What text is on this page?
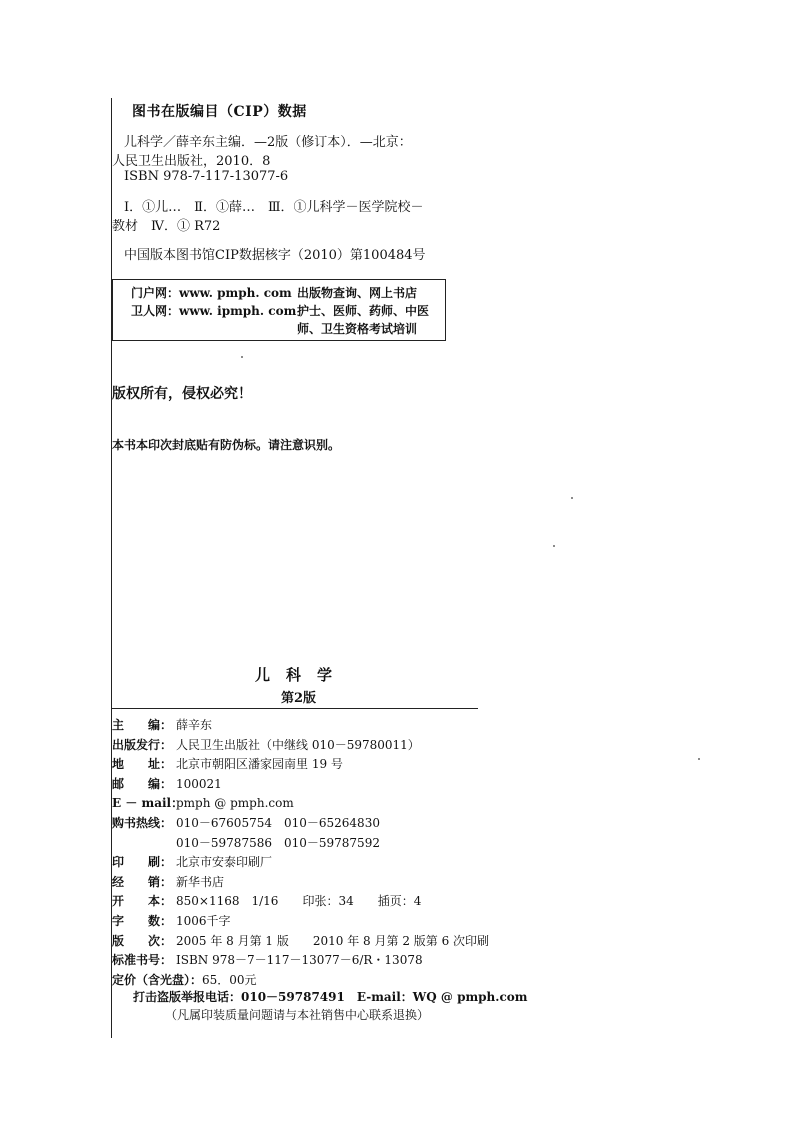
图书在版编目（CIP）数据
儿科学／薛辛东主编．—2版（修订本）．—北京：
人民卫生出版社，2010．8
ISBN 978-7-117-13077-6
Ⅰ．①儿…　Ⅱ．①薛…　Ⅲ．①儿科学－医学院校－
教材　Ⅳ．① R72
中国版本图书馆CIP数据核字（2010）第100484号
门户网：www. pmph. com 出版物查询、网上书店
卫人网：www. ipmph. com 护士、医师、药师、中医
师、卫生资格考试培训
版权所有，侵权必究！
本书本印次封底贴有防伪标。请注意识别。
儿科学
第2版
主　　编： 薛辛东
出版发行： 人民卫生出版社（中继线 010－59780011）
地　　址： 北京市朝阳区潘家园南里 19 号
邮　　编： 100021
E － mail：
pmph @ pmph.com
购书热线： 010－67605754　010－65264830
010－59787586　010－59787592
印　　刷： 北京市安泰印刷厂
经　　销： 新华书店
开　　本： 850×1168　1/16　　印张：34　　插页：4
字　　数： 1006千字
版　　次： 2005 年 8 月第 1 版　　2010 年 8 月第 2 版第 6 次印刷
标准书号： ISBN 978－7－117－13077－6/R・13078
定价（含光盘）： 65．00元
打击盗版举报电话：010－59787491　E-mail：WQ @ pmph.com
（凡属印装质量问题请与本社销售中心联系退换）
